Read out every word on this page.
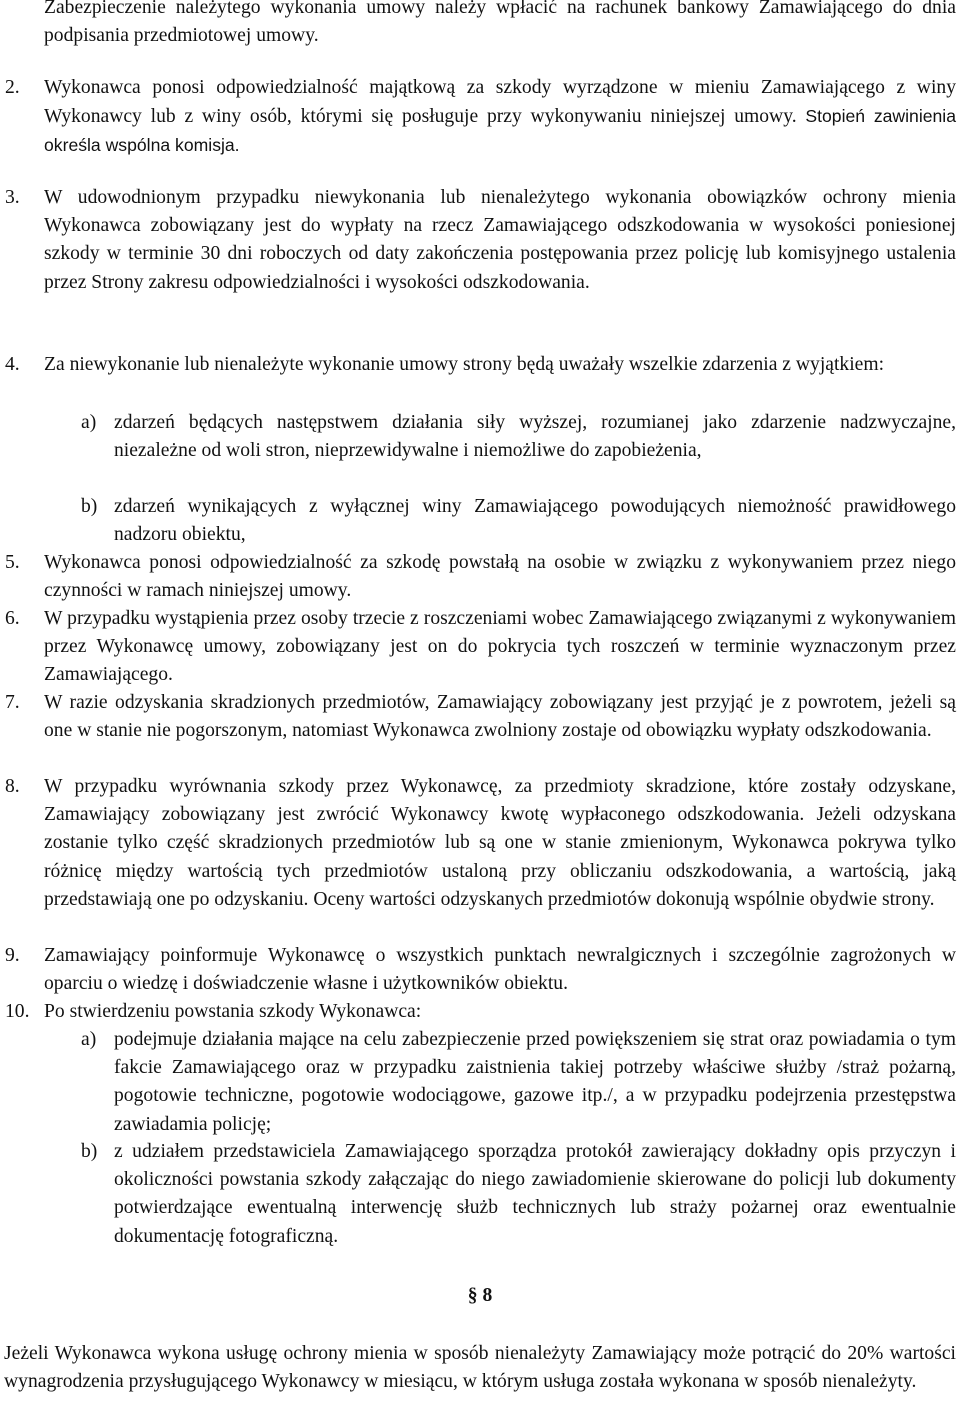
Zabezpieczenie należytego wykonania umowy należy wpłacić na rachunek bankowy Zamawiającego do dnia podpisania przedmiotowej umowy.

2. Wykonawca ponosi odpowiedzialność majątkową za szkody wyrządzone w mieniu Zamawiającego z winy Wykonawcy lub z winy osób, którymi się posługuje przy wykonywaniu niniejszej umowy. Stopień zawinienia określa wspólna komisja.

3. W udowodnionym przypadku niewykonania lub nienależytego wykonania obowiązków ochrony mienia Wykonawca zobowiązany jest do wypłaty na rzecz Zamawiającego odszkodowania w wysokości poniesionej szkody w terminie 30 dni roboczych od daty zakończenia postępowania przez policję lub komisyjnego ustalenia przez Strony zakresu odpowiedzialności i wysokości odszkodowania.

4. Za niewykonanie lub nienależyte wykonanie umowy strony będą uważały wszelkie zdarzenia z wyjątkiem:

a) zdarzeń będących następstwem działania siły wyższej, rozumianej jako zdarzenie nadzwyczajne, niezależne od woli stron, nieprzewidywalne i niemożliwe do zapobieżenia,

b) zdarzeń wynikających z wyłącznej winy Zamawiającego powodujących niemożność prawidłowego nadzoru obiektu,

5. Wykonawca ponosi odpowiedzialność za szkodę powstałą na osobie w związku z wykonywaniem przez niego czynności w ramach niniejszej umowy.

6. W przypadku wystąpienia przez osoby trzecie z roszczeniami wobec Zamawiającego związanymi z wykonywaniem przez Wykonawcę umowy, zobowiązany jest on do pokrycia tych roszczeń w terminie wyznaczonym przez Zamawiającego.

7. W razie odzyskania skradzionych przedmiotów, Zamawiający zobowiązany jest przyjąć je z powrotem, jeżeli są one w stanie nie pogorszonym, natomiast Wykonawca zwolniony zostaje od obowiązku wypłaty odszkodowania.

8. W przypadku wyrównania szkody przez Wykonawcę, za przedmioty skradzione, które zostały odzyskane, Zamawiający zobowiązany jest zwrócić Wykonawcy kwotę wypłaconego odszkodowania. Jeżeli odzyskana zostanie tylko część skradzionych przedmiotów lub są one w stanie zmienionym, Wykonawca pokrywa tylko różnicę między wartością tych przedmiotów ustaloną przy obliczaniu odszkodowania, a wartością, jaką przedstawiają one po odzyskaniu. Oceny wartości odzyskanych przedmiotów dokonują wspólnie obydwie strony.

9. Zamawiający poinformuje Wykonawcę o wszystkich punktach newralgicznych i szczególnie zagrożonych w oparciu o wiedzę i doświadczenie własne i użytkowników obiektu.

10. Po stwierdzeniu powstania szkody Wykonawca:

a) podejmuje działania mające na celu zabezpieczenie przed powiększeniem się strat oraz powiadamia o tym fakcie Zamawiającego oraz w przypadku zaistnienia takiej potrzeby właściwe służby /straż pożarną, pogotowie techniczne, pogotowie wodociągowe, gazowe itp./, a w przypadku podejrzenia przestępstwa zawiadamia policję;

b) z udziałem przedstawiciela Zamawiającego sporządza protokół zawierający dokładny opis przyczyn i okoliczności powstania szkody załączając do niego zawiadomienie skierowane do policji lub dokumenty potwierdzające ewentualną interwencję służb technicznych lub straży pożarnej oraz ewentualnie dokumentację fotograficzną.

§ 8

Jeżeli Wykonawca wykona usługę ochrony mienia w sposób nienależyty Zamawiający może potrącić do 20% wartości wynagrodzenia przysługującego Wykonawcy w miesiącu, w którym usługa została wykonana w sposób nienależyty.
